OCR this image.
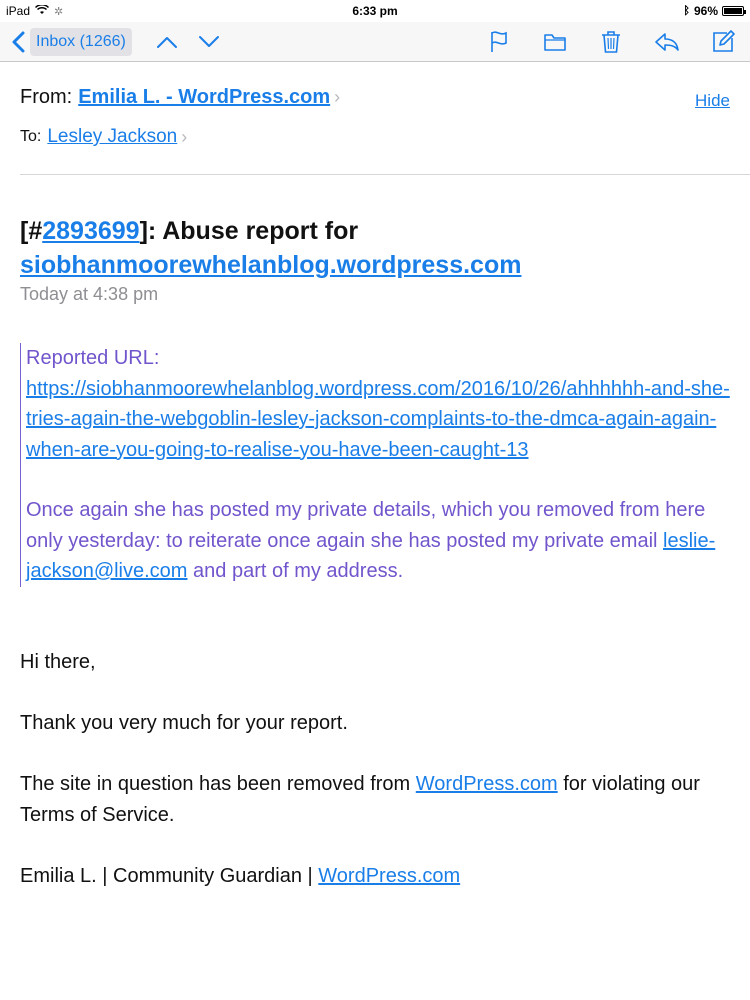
iPad ✲	6:33 pm	ᛒ 96%
Inbox (1266)
From: Emilia L. - WordPress.com ›	Hide
To: Lesley Jackson ›
[#2893699]: Abuse report for
siobhanmoorewhelanblog.wordpress.com
Today at 4:38 pm
Reported URL:
https://siobhanmoorewhelanblog.wordpress.com/2016/10/26/ahhhhhh-and-she-tries-again-the-webgoblin-lesley-jackson-complaints-to-the-dmca-again-again-when-are-you-going-to-realise-you-have-been-caught-13
Once again she has posted my private details, which you removed from here only yesterday: to reiterate once again she has posted my private email leslie-jackson@live.com and part of my address.

Hi there,

Thank you very much for your report.

The site in question has been removed from WordPress.com for violating our Terms of Service.

Emilia L. | Community Guardian | WordPress.com
